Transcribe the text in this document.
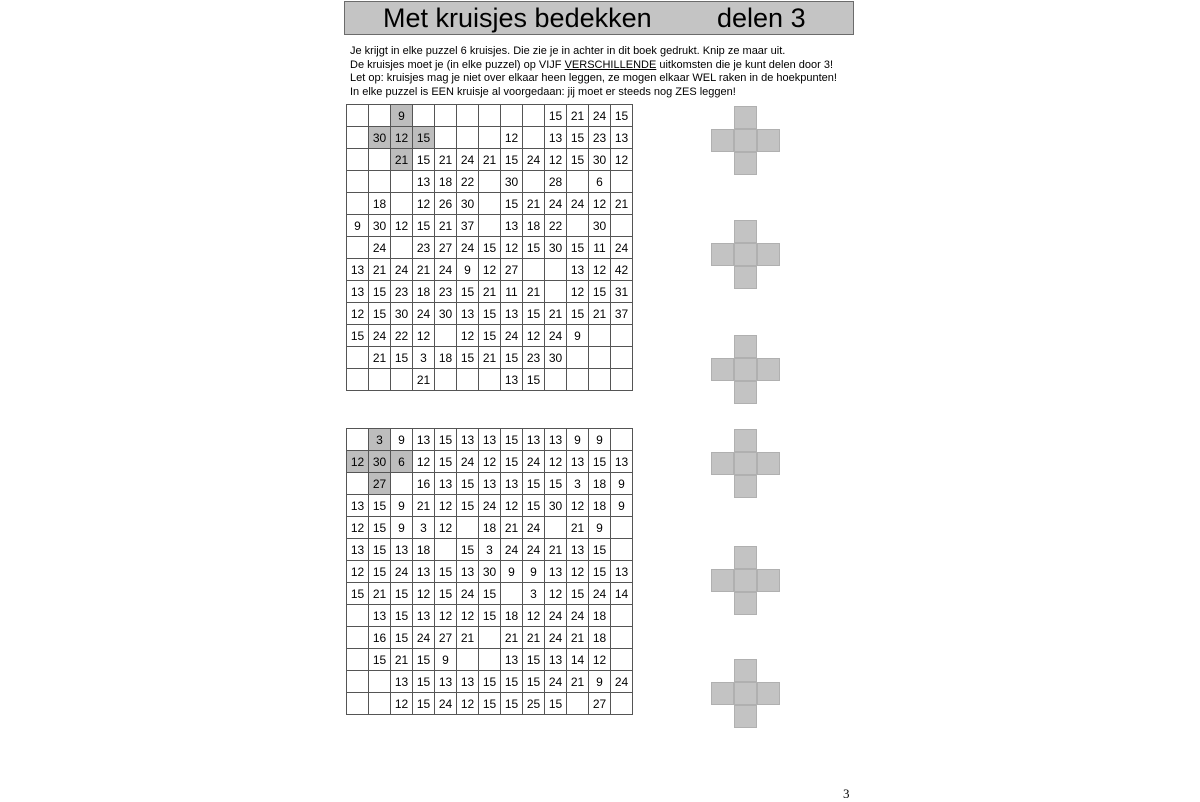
Met kruisjes bedekken delen 3
Je krijgt in elke puzzel 6 kruisjes. Die zie je in achter in dit boek gedrukt. Knip ze maar uit.
De kruisjes moet je (in elke puzzel) op VIJF VERSCHILLENDE uitkomsten die je kunt delen door 3!
Let op: kruisjes mag je niet over elkaar heen leggen, ze mogen elkaar WEL raken in de hoekpunten!
In elke puzzel is EEN kruisje al voorgedaan: jij moet er steeds nog ZES leggen!
		9							15	21	24	15
	30	12	15				12		13	15	23	13
		21	15	21	24	21	15	24	12	15	30	12
			13	18	22		30		28		6	
	18		12	26	30		15	21	24	24	12	21
9	30	12	15	21	37		13	18	22		30	
	24		23	27	24	15	12	15	30	15	11	24
13	21	24	21	24	9	12	27			13	12	42
13	15	23	18	23	15	21	11	21		12	15	31
12	15	30	24	30	13	15	13	15	21	15	21	37
15	24	22	12		12	15	24	12	24	9		
	21	15	3	18	15	21	15	23	30			
			21				13	15				
	3	9	13	15	13	13	15	13	13	9	9	
12	30	6	12	15	24	12	15	24	12	13	15	13
	27		16	13	15	13	13	15	15	3	18	9
13	15	9	21	12	15	24	12	15	30	12	18	9
12	15	9	3	12		18	21	24		21	9	
13	15	13	18		15	3	24	24	21	13	15	
12	15	24	13	15	13	30	9	9	13	12	15	13
15	21	15	12	15	24	15		3	12	15	24	14
	13	15	13	12	12	15	18	12	24	24	18	
	16	15	24	27	21		21	21	24	21	18	
	15	21	15	9			13	15	13	14	12	
		13	15	13	13	15	15	15	24	21	9	24
		12	15	24	12	15	15	25	15		27	
3
